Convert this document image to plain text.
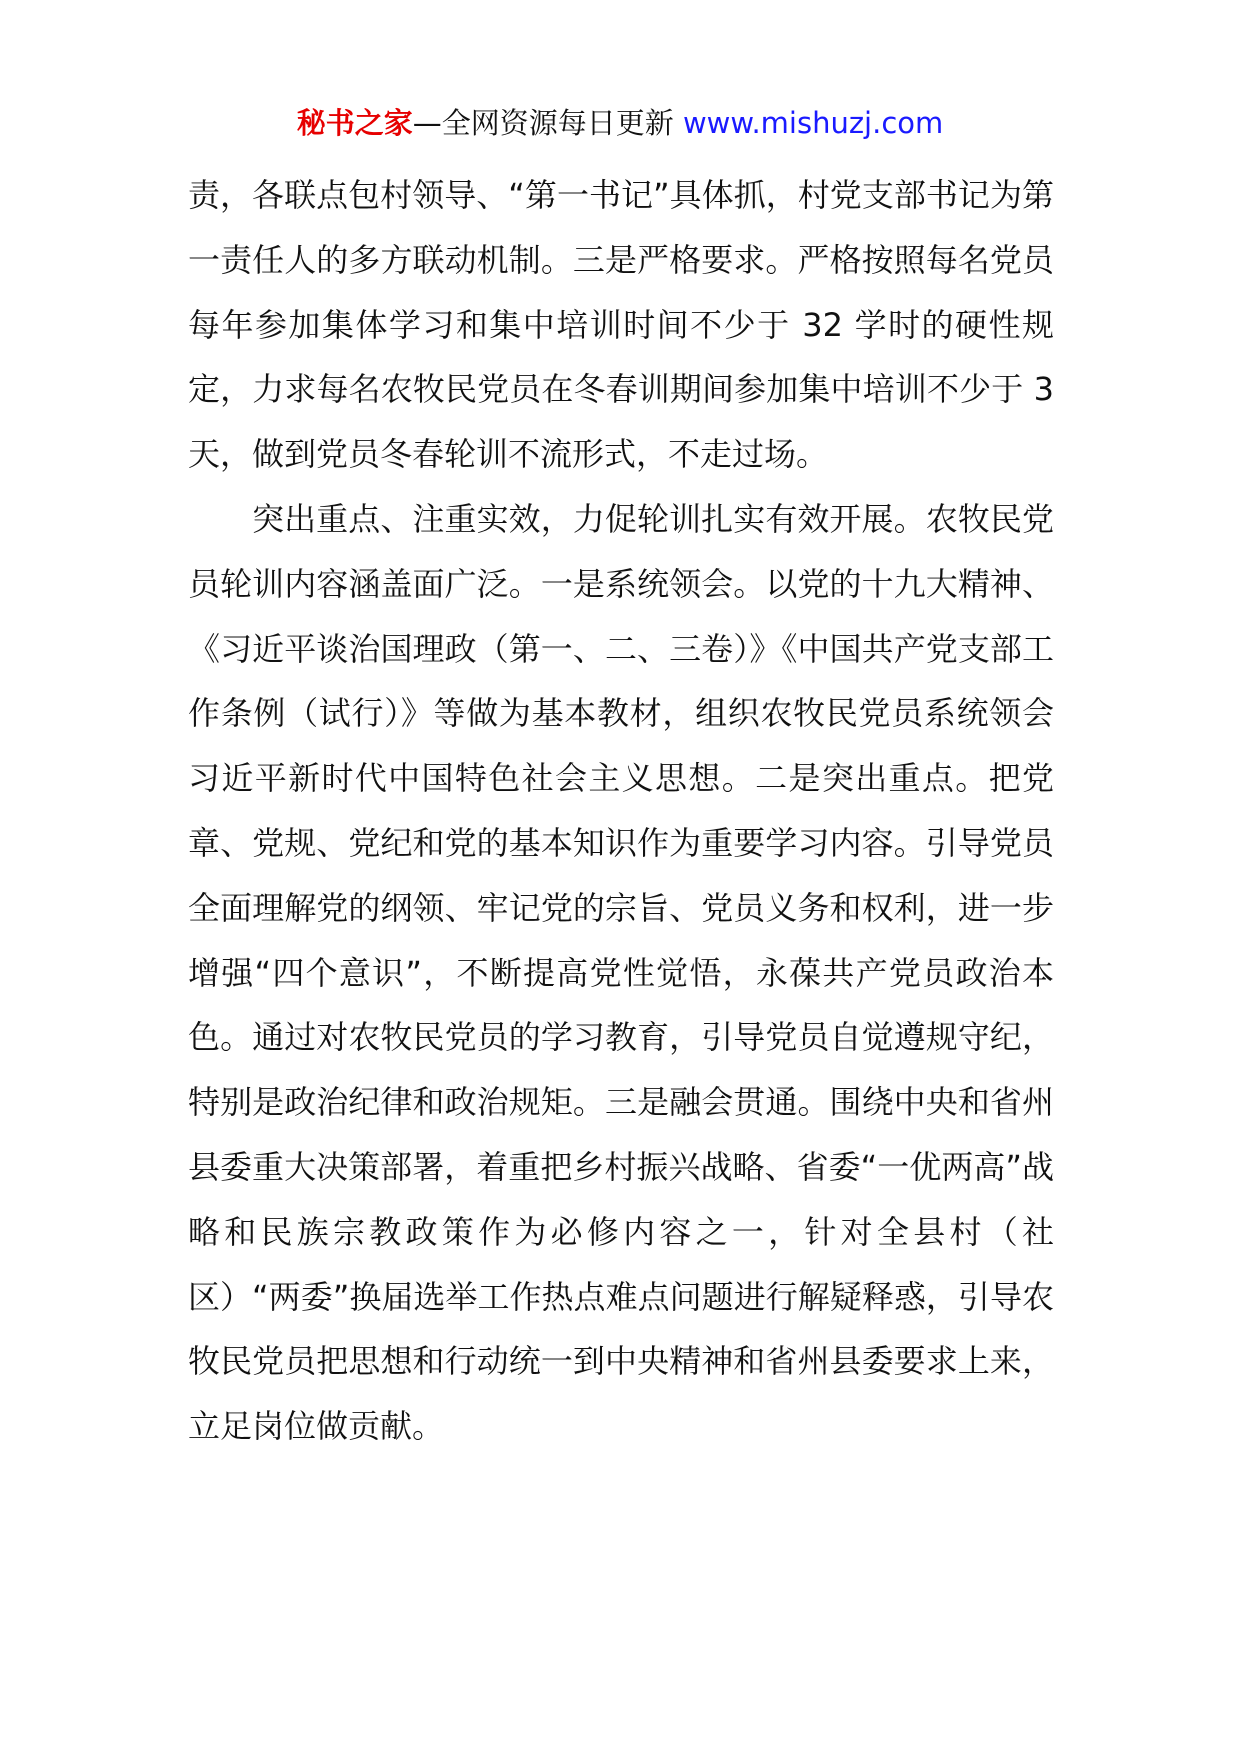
秘书之家—全网资源每日更新 www.mishuzj.com

责，各联点包村领导、“第一书记”具体抓，村党支部书记为第一责任人的多方联动机制。三是严格要求。严格按照每名党员每年参加集体学习和集中培训时间不少于 32 学时的硬性规定，力求每名农牧民党员在冬春训期间参加集中培训不少于 3 天，做到党员冬春轮训不流形式，不走过场。

突出重点、注重实效，力促轮训扎实有效开展。农牧民党员轮训内容涵盖面广泛。一是系统领会。以党的十九大精神、《习近平谈治国理政（第一、二、三卷）》《中国共产党支部工作条例（试行）》等做为基本教材，组织农牧民党员系统领会习近平新时代中国特色社会主义思想。二是突出重点。把党章、党规、党纪和党的基本知识作为重要学习内容。引导党员全面理解党的纲领、牢记党的宗旨、党员义务和权利，进一步增强“四个意识”，不断提高党性觉悟，永葆共产党员政治本色。通过对农牧民党员的学习教育，引导党员自觉遵规守纪，特别是政治纪律和政治规矩。三是融会贯通。围绕中央和省州县委重大决策部署，着重把乡村振兴战略、省委“一优两高”战略和民族宗教政策作为必修内容之一，针对全县村（社区）“两委”换届选举工作热点难点问题进行解疑释惑，引导农牧民党员把思想和行动统一到中央精神和省州县委要求上来，立足岗位做贡献。
